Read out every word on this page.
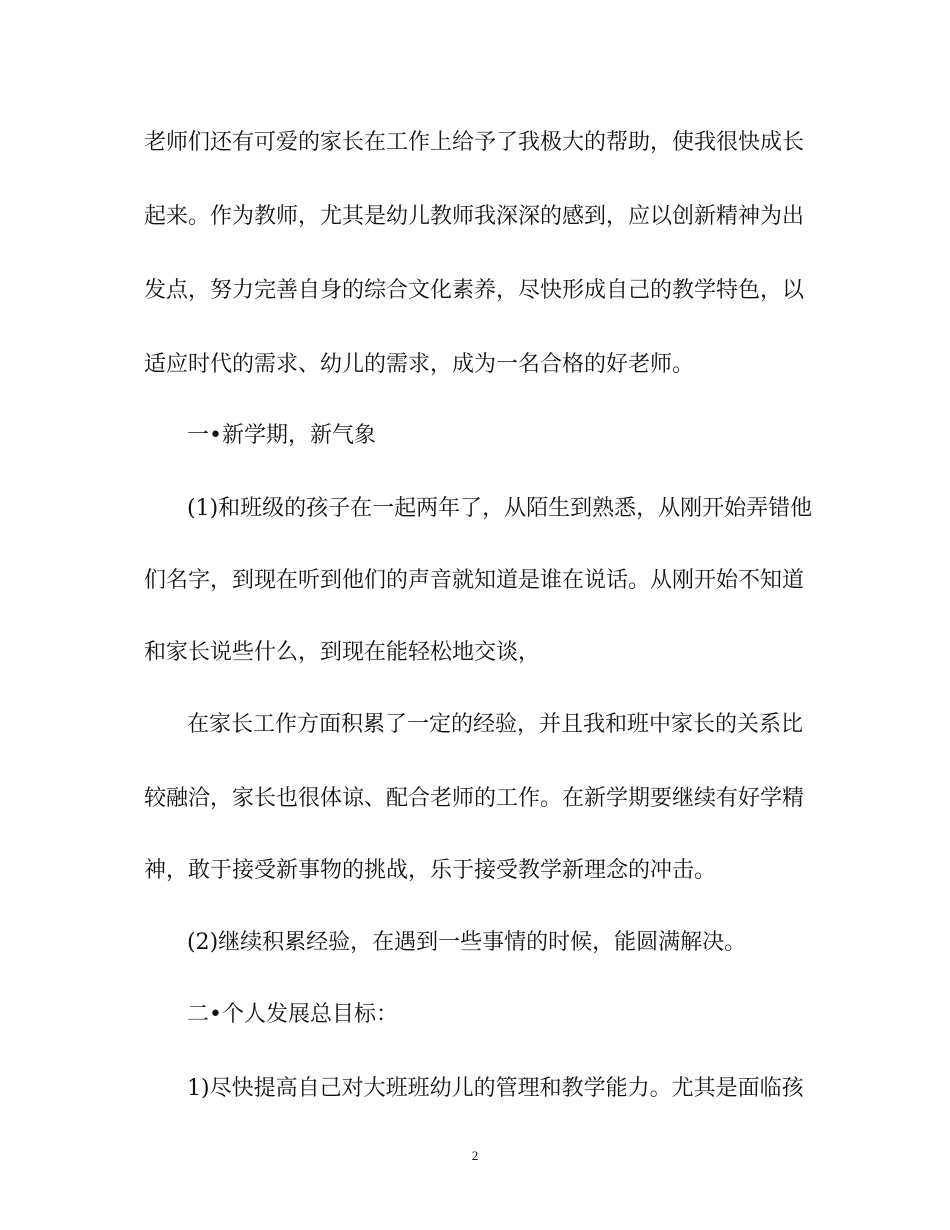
老师们还有可爱的家长在工作上给予了我极大的帮助，使我很快成长
起来。作为教师，尤其是幼儿教师我深深的感到，应以创新精神为出
发点，努力完善自身的综合文化素养，尽快形成自己的教学特色，以
适应时代的需求、幼儿的需求，成为一名合格的好老师。
一•新学期，新气象
(1)和班级的孩子在一起两年了，从陌生到熟悉，从刚开始弄错他
们名字，到现在听到他们的声音就知道是谁在说话。从刚开始不知道
和家长说些什么，到现在能轻松地交谈，
在家长工作方面积累了一定的经验，并且我和班中家长的关系比
较融洽，家长也很体谅、配合老师的工作。在新学期要继续有好学精
神，敢于接受新事物的挑战，乐于接受教学新理念的冲击。
(2)继续积累经验，在遇到一些事情的时候，能圆满解决。
二•个人发展总目标：
1)尽快提高自己对大班班幼儿的管理和教学能力。尤其是面临孩
2
